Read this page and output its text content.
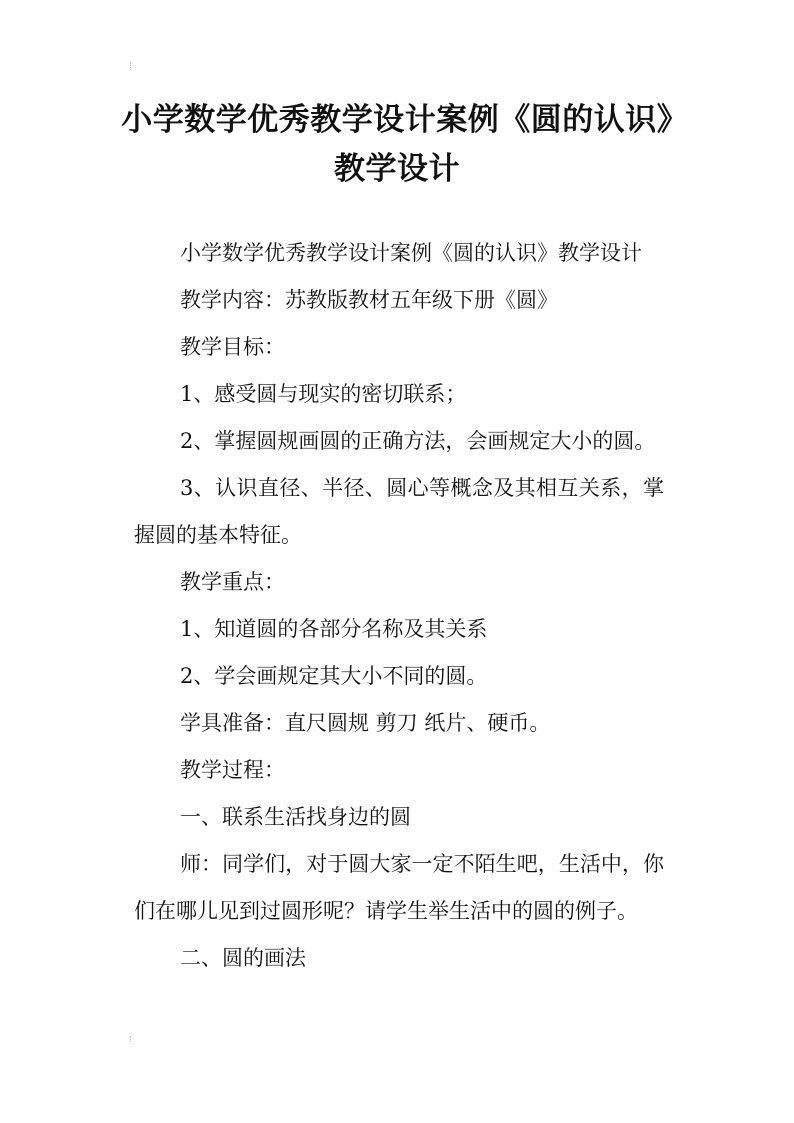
小学数学优秀教学设计案例《圆的认识》教学设计

小学数学优秀教学设计案例《圆的认识》教学设计

教学内容：苏教版教材五年级下册《圆》

教学目标：

1、感受圆与现实的密切联系；

2、掌握圆规画圆的正确方法，会画规定大小的圆。

3、认识直径、半径、圆心等概念及其相互关系，掌握圆的基本特征。

教学重点：

1、知道圆的各部分名称及其关系

2、学会画规定其大小不同的圆。

学具准备：直尺圆规 剪刀 纸片、硬币。

教学过程：

一、联系生活找身边的圆

师：同学们，对于圆大家一定不陌生吧，生活中，你们在哪儿见到过圆形呢？请学生举生活中的圆的例子。

二、圆的画法
